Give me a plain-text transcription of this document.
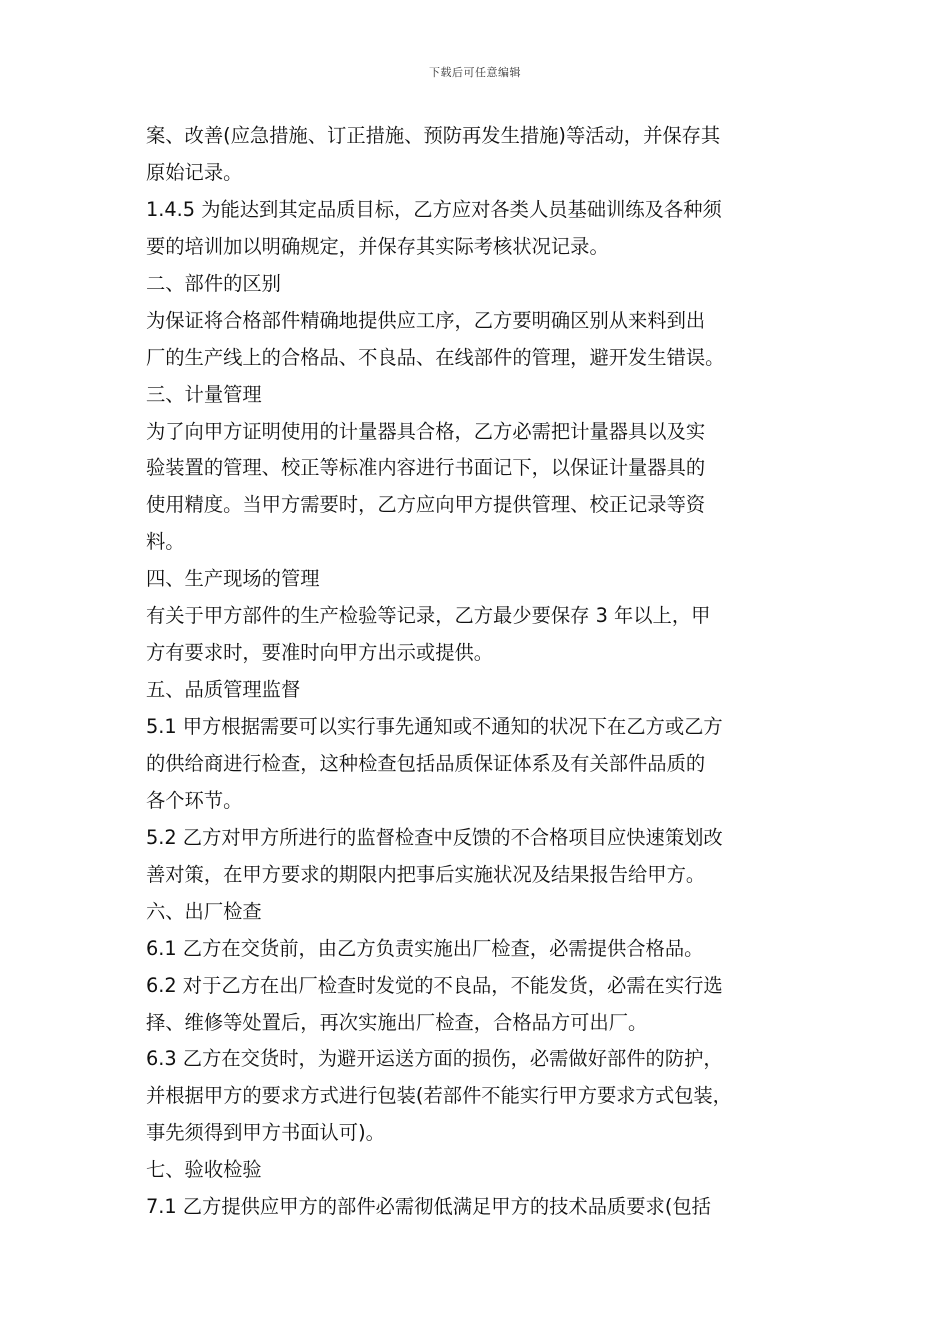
下载后可任意编辑
案、改善(应急措施、订正措施、预防再发生措施)等活动，并保存其
原始记录。
1.4.5 为能达到其定品质目标，乙方应对各类人员基础训练及各种须
要的培训加以明确规定，并保存其实际考核状况记录。
二、部件的区别
为保证将合格部件精确地提供应工序，乙方要明确区别从来料到出
厂的生产线上的合格品、不良品、在线部件的管理，避开发生错误。
三、计量管理
为了向甲方证明使用的计量器具合格，乙方必需把计量器具以及实
验装置的管理、校正等标准内容进行书面记下，以保证计量器具的
使用精度。当甲方需要时，乙方应向甲方提供管理、校正记录等资
料。
四、生产现场的管理
有关于甲方部件的生产检验等记录，乙方最少要保存 3 年以上，甲
方有要求时，要准时向甲方出示或提供。
五、品质管理监督
5.1 甲方根据需要可以实行事先通知或不通知的状况下在乙方或乙方
的供给商进行检查，这种检查包括品质保证体系及有关部件品质的
各个环节。
5.2 乙方对甲方所进行的监督检查中反馈的不合格项目应快速策划改
善对策，在甲方要求的期限内把事后实施状况及结果报告给甲方。
六、出厂检查
6.1 乙方在交货前，由乙方负责实施出厂检查，必需提供合格品。
6.2 对于乙方在出厂检查时发觉的不良品，不能发货，必需在实行选
择、维修等处置后，再次实施出厂检查，合格品方可出厂。
6.3 乙方在交货时，为避开运送方面的损伤，必需做好部件的防护，
并根据甲方的要求方式进行包装(若部件不能实行甲方要求方式包装，
事先须得到甲方书面认可)。
七、验收检验
7.1 乙方提供应甲方的部件必需彻低满足甲方的技术品质要求(包括
